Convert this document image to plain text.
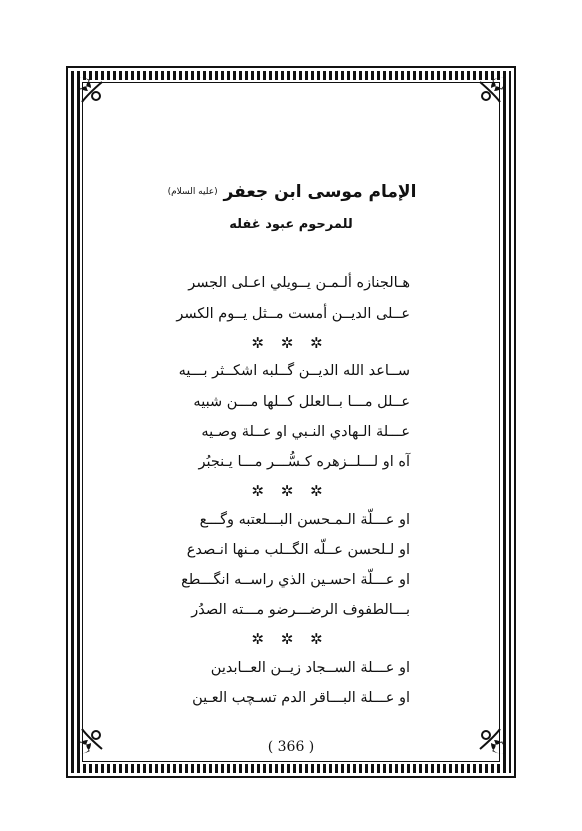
الإمام موسى ابن جعفر (عليه السلام)
للمرحوم عبود غفله
هـالجنازه ألـمـن يــويلي اعـلى الجسر
عــلى الديــن أمست مــثل يــوم الكسر
✲ ✲ ✲
ســاعد الله الديــن گــلبه اشكــثر بـــيه
عــلل مـــا بــالعلل كــلها مـــن شبيه
عـــلة الـهادي النـبي او عــلة وصـيه
آه او لـــلــزهره كـسُّـــر مـــا يـنجبُر
✲ ✲ ✲
او عـــلّة الـمـحسن البـــلعتبه وگـــع
او لـلحسن عــلّه الگــلب مـنها انـصدع
او عـــلّة احسـين الذي راســه انگـــطع
بـــالطفوف الرضـــرضو مـــته الصدُر
✲ ✲ ✲
او عـــلة الســجاد زيــن العــابدين
او عـــلة البـــاقر الدم تسـچب العـين
( 366 )
